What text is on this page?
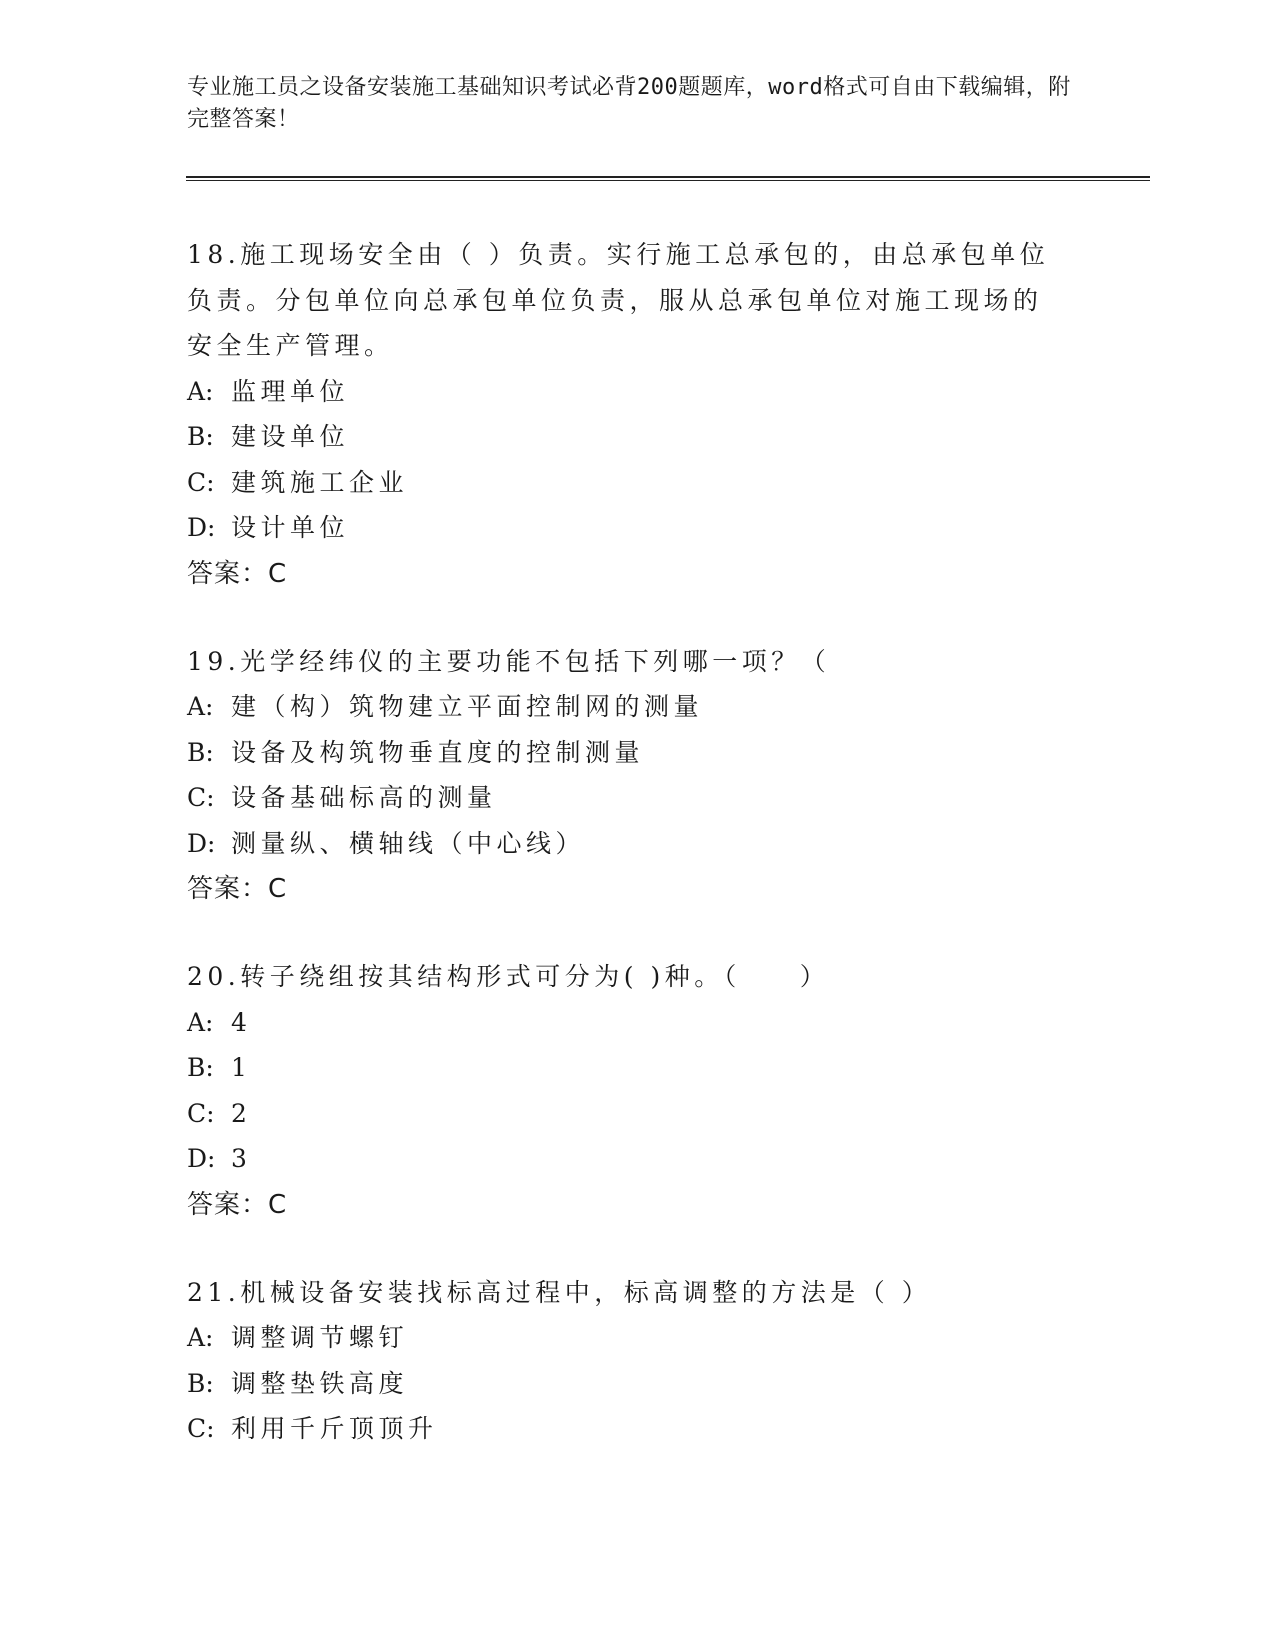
专业施工员之设备安装施工基础知识考试必背200题题库，word格式可自由下载编辑，附完整答案！
18.施工现场安全由（ ）负责。实行施工总承包的，由总承包单位负责。分包单位向总承包单位负责，服从总承包单位对施工现场的安全生产管理。
A: 监理单位
B: 建设单位
C: 建筑施工企业
D: 设计单位
答案：C
19.光学经纬仪的主要功能不包括下列哪一项？（
A: 建（构）筑物建立平面控制网的测量
B: 设备及构筑物垂直度的控制测量
C: 设备基础标高的测量
D: 测量纵、横轴线（中心线）
答案：C
20.转子绕组按其结构形式可分为( )种。（　　）
A: 4
B: 1
C: 2
D: 3
答案：C
21.机械设备安装找标高过程中，标高调整的方法是（ ）
A: 调整调节螺钉
B: 调整垫铁高度
C: 利用千斤顶顶升
